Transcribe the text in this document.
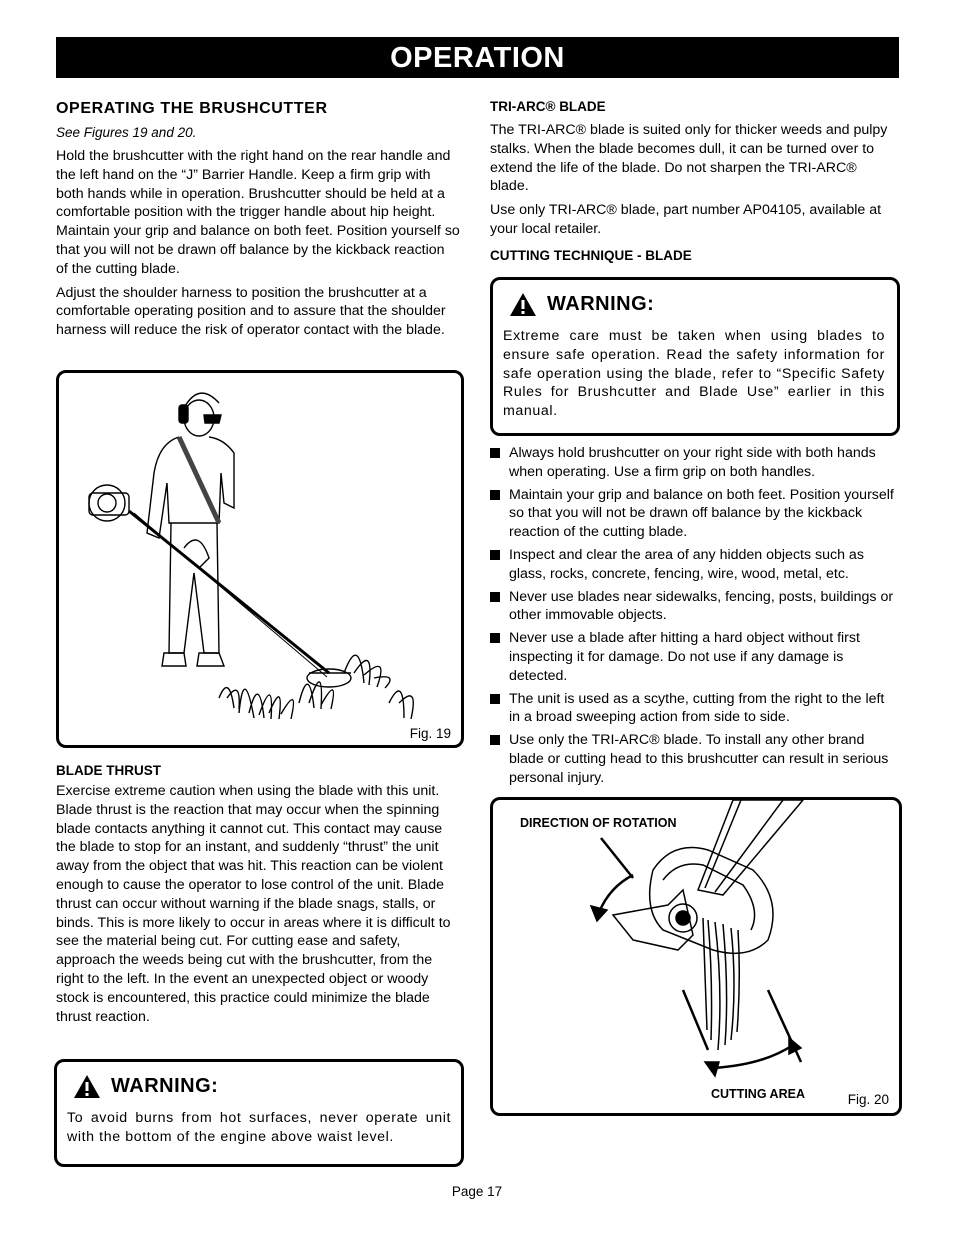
OPERATION

OPERATING THE BRUSHCUTTER

See Figures 19 and 20.

Hold the brushcutter with the right hand on the rear handle and the left hand on the “J” Barrier Handle. Keep a firm grip with both hands while in operation. Brushcutter should be held at a comfortable position with the trigger handle about hip height. Maintain your grip and balance on both feet. Position yourself so that you will not be drawn off balance by the kickback reaction of the cutting blade.

Adjust the shoulder harness to position the brushcutter at a comfortable operating position and to assure that the shoulder harness will reduce the risk of operator contact with the blade.

Fig. 19

BLADE THRUST

Exercise extreme caution when using the blade with this unit. Blade thrust is the reaction that may occur when the spinning blade contacts anything it cannot cut. This contact may cause the blade to stop for an instant, and suddenly “thrust” the unit away from the object that was hit. This reaction can be violent enough to cause the operator to lose control of the unit. Blade thrust can occur without warning if the blade snags, stalls, or binds. This is more likely to occur in areas where it is difficult to see the material being cut. For cutting ease and safety, approach the weeds being cut with the brushcutter, from the right to the left. In the event an unexpected object or woody stock is encountered, this practice could minimize the blade thrust reaction.

WARNING:
To avoid burns from hot surfaces, never operate unit with the bottom of the engine above waist level.

TRI-ARC® BLADE

The TRI-ARC® blade is suited only for thicker weeds and pulpy stalks. When the blade becomes dull, it can be turned over to extend the life of the blade. Do not sharpen the TRI-ARC® blade.

Use only TRI-ARC® blade, part number AP04105, available at your local retailer.

CUTTING TECHNIQUE - BLADE

WARNING:
Extreme care must be taken when using blades to ensure safe operation. Read the safety information for safe operation using the blade, refer to “Specific Safety Rules for Brushcutter and Blade Use” earlier in this manual.
Always hold brushcutter on your right side with both hands when operating. Use a firm grip on both handles.
Maintain your grip and balance on both feet. Position yourself so that you will not be drawn off balance by the kickback reaction of the cutting blade.
Inspect and clear the area of any hidden objects such as glass, rocks, concrete, fencing, wire, wood, metal, etc.
Never use blades near sidewalks, fencing, posts, buildings or other immovable objects.
Never use a blade after hitting a hard object without first inspecting it for damage. Do not use if any damage is detected.
The unit is used as a scythe, cutting from the right to the left in a broad sweeping action from side to side.
Use only the TRI-ARC® blade. To install any other brand blade or cutting head to this brushcutter can result in serious personal injury.
DIRECTION OF ROTATION
CUTTING AREA	Fig. 20
Page 17
